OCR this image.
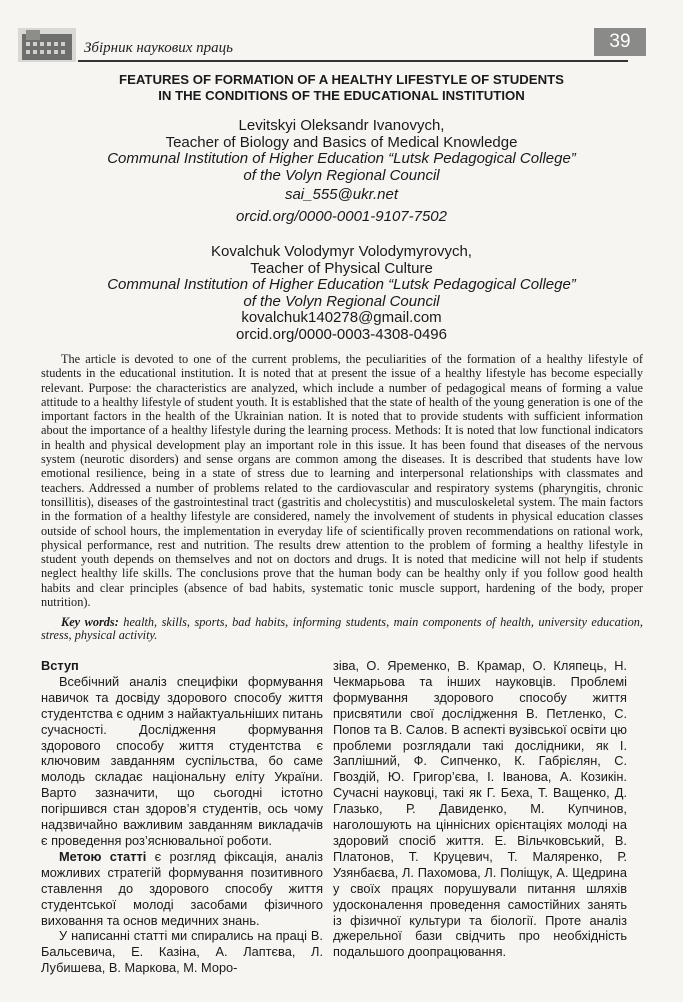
Збірник наукових праць	39
FEATURES OF FORMATION OF A HEALTHY LIFESTYLE OF STUDENTS
IN THE CONDITIONS OF THE EDUCATIONAL INSTITUTION
Levitskyi Oleksandr Ivanovych,
Teacher of Biology and Basics of Medical Knowledge
Communal Institution of Higher Education “Lutsk Pedagogical College”
of the Volyn Regional Council
sai_555@ukr.net
orcid.org/0000-0001-9107-7502
Kovalchuk Volodymyr Volodymyrovych,
Teacher of Physical Culture
Communal Institution of Higher Education “Lutsk Pedagogical College”
of the Volyn Regional Council
kovalchuk140278@gmail.com
orcid.org/0000-0003-4308-0496
The article is devoted to one of the current problems, the peculiarities of the formation of a healthy lifestyle of students in the educational institution. It is noted that at present the issue of a healthy lifestyle has become especially relevant. Purpose: the characteristics are analyzed, which include a number of pedagogical means of forming a value attitude to a healthy lifestyle of student youth. It is established that the state of health of the young generation is one of the important factors in the health of the Ukrainian nation. It is noted that to provide students with sufficient information about the importance of a healthy lifestyle during the learning process. Methods: It is noted that low functional indicators in health and physical development play an important role in this issue. It has been found that diseases of the nervous system (neurotic disorders) and sense organs are common among the diseases. It is described that students have low emotional resilience, being in a state of stress due to learning and interpersonal relationships with classmates and teachers. Addressed a number of problems related to the cardiovascular and respiratory systems (pharyngitis, chronic tonsillitis), diseases of the gastrointestinal tract (gastritis and cholecystitis) and musculoskeletal system. The main factors in the formation of a healthy lifestyle are considered, namely the involvement of students in physical education classes outside of school hours, the implementation in everyday life of scientifically proven recommendations on rational work, physical performance, rest and nutrition. The results drew attention to the problem of forming a healthy lifestyle in student youth depends on themselves and not on doctors and drugs. It is noted that medicine will not help if students neglect healthy life skills. The conclusions prove that the human body can be healthy only if you follow good health habits and clear principles (absence of bad habits, systematic tonic muscle support, hardening of the body, proper nutrition).
Key words: health, skills, sports, bad habits, informing students, main components of health, university education, stress, physical activity.

Вступ

Всебічний аналіз специфіки формування навичок та досвіду здорового способу життя студентства є одним з найактуальніших питань сучасності. Дослідження формування здорового способу життя студентства є ключовим завданням суспільства, бо саме молодь складає національну еліту України. Варто зазначити, що сьогодні істотно погіршився стан здоров’я студентів, ось чому надзвичайно важливим завданням викладачів є проведення роз’яснювальної роботи.

Метою статті є розгляд фіксація, аналіз можливих стратегій формування позитивного ставлення до здорового способу життя студентської молоді засобами фізичного виховання та основ медичних знань.

У написанні статті ми спирались на праці В. Бальсевича, Е. Казіна, А. Лаптєва, Л. Лубишева, В. Маркова, М. Моро-

зіва, О. Яременко, В. Крамар, О. Кляпець, Н. Чекмарьова та інших науковців. Проблемі формування здорового способу життя присвятили свої дослідження В. Петленко, С. Попов та В. Салов. В аспекті вузівської освіти цю проблеми розглядали такі дослідники, як І. Заплішний, Ф. Сипченко, К. Габрієлян, С. Гвоздій, Ю. Григор’єва, І. Іванова, А. Козикін. Сучасні науковці, такі як Г. Беха, Т. Ващенко, Д. Глазько, Р. Давиденко, М. Купчинов, наголошують на ціннісних орієнтаціях молоді на здоровий спосіб життя. Е. Вільчковський, В. Платонов, Т. Круцевич, Т. Маляренко, Р. Узянбаєва, Л. Пахомова, Л. Поліщук, А. Щедрина у своїх працях порушували питання шляхів удосконалення проведення самостійних занять із фізичної культури та біології. Проте аналіз джерельної бази свідчить про необхідність подальшого доопрацювання.
